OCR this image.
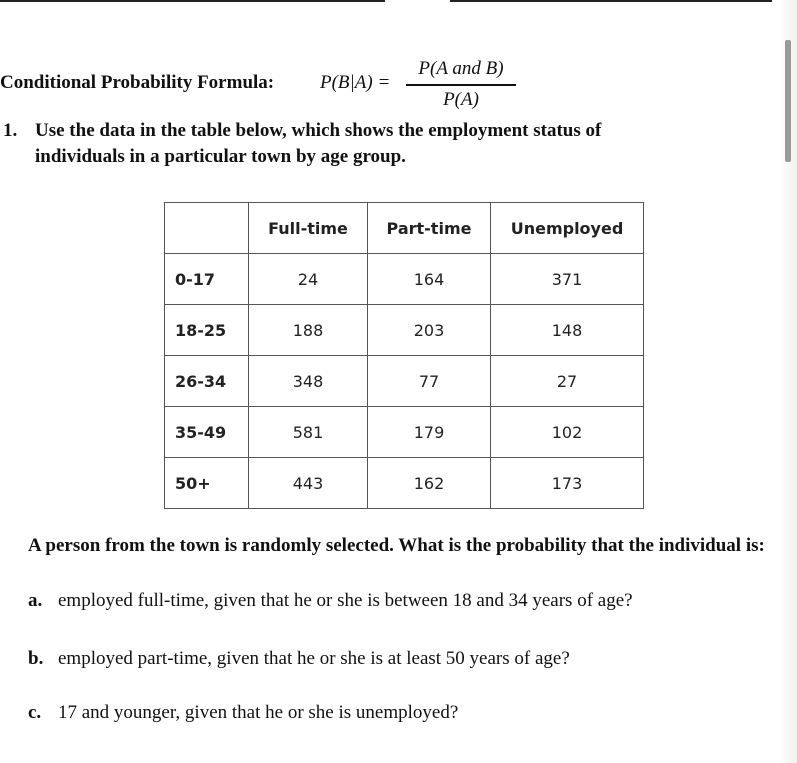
Conditional Probability Formula: P(B|A) =
P(A and B)
P(A)
1. Use the data in the table below, which shows the employment status of individuals in a particular town by age group.
	Full-time	Part-time	Unemployed
0-17	24	164	371
18-25	188	203	148
26-34	348	77	27
35-49	581	179	102
50+	443	162	173
A person from the town is randomly selected. What is the probability that the individual is:
a. employed full-time, given that he or she is between 18 and 34 years of age?
b. employed part-time, given that he or she is at least 50 years of age?
c. 17 and younger, given that he or she is unemployed?
